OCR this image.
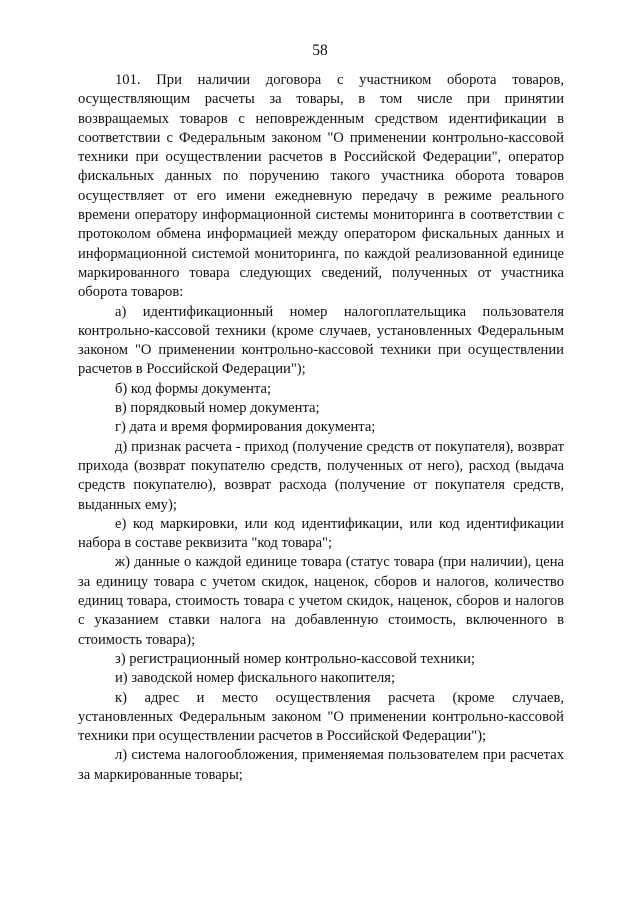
58

101. При наличии договора с участником оборота товаров, осуществляющим расчеты за товары, в том числе при принятии возвращаемых товаров с неповрежденным средством идентификации в соответствии с Федеральным законом "О применении контрольно-кассовой техники при осуществлении расчетов в Российской Федерации", оператор фискальных данных по поручению такого участника оборота товаров осуществляет от его имени ежедневную передачу в режиме реального времени оператору информационной системы мониторинга в соответствии с протоколом обмена информацией между оператором фискальных данных и информационной системой мониторинга, по каждой реализованной единице маркированного товара следующих сведений, полученных от участника оборота товаров:

а) идентификационный номер налогоплательщика пользователя контрольно-кассовой техники (кроме случаев, установленных Федеральным законом "О применении контрольно-кассовой техники при осуществлении расчетов в Российской Федерации");

б) код формы документа;

в) порядковый номер документа;

г) дата и время формирования документа;

д) признак расчета - приход (получение средств от покупателя), возврат прихода (возврат покупателю средств, полученных от него), расход (выдача средств покупателю), возврат расхода (получение от покупателя средств, выданных ему);

е) код маркировки, или код идентификации, или код идентификации набора в составе реквизита "код товара";

ж) данные о каждой единице товара (статус товара (при наличии), цена за единицу товара с учетом скидок, наценок, сборов и налогов, количество единиц товара, стоимость товара с учетом скидок, наценок, сборов и налогов с указанием ставки налога на добавленную стоимость, включенного в стоимость товара);

з) регистрационный номер контрольно-кассовой техники;

и) заводской номер фискального накопителя;

к) адрес и место осуществления расчета (кроме случаев, установленных Федеральным законом "О применении контрольно-кассовой техники при осуществлении расчетов в Российской Федерации");

л) система налогообложения, применяемая пользователем при расчетах за маркированные товары;
